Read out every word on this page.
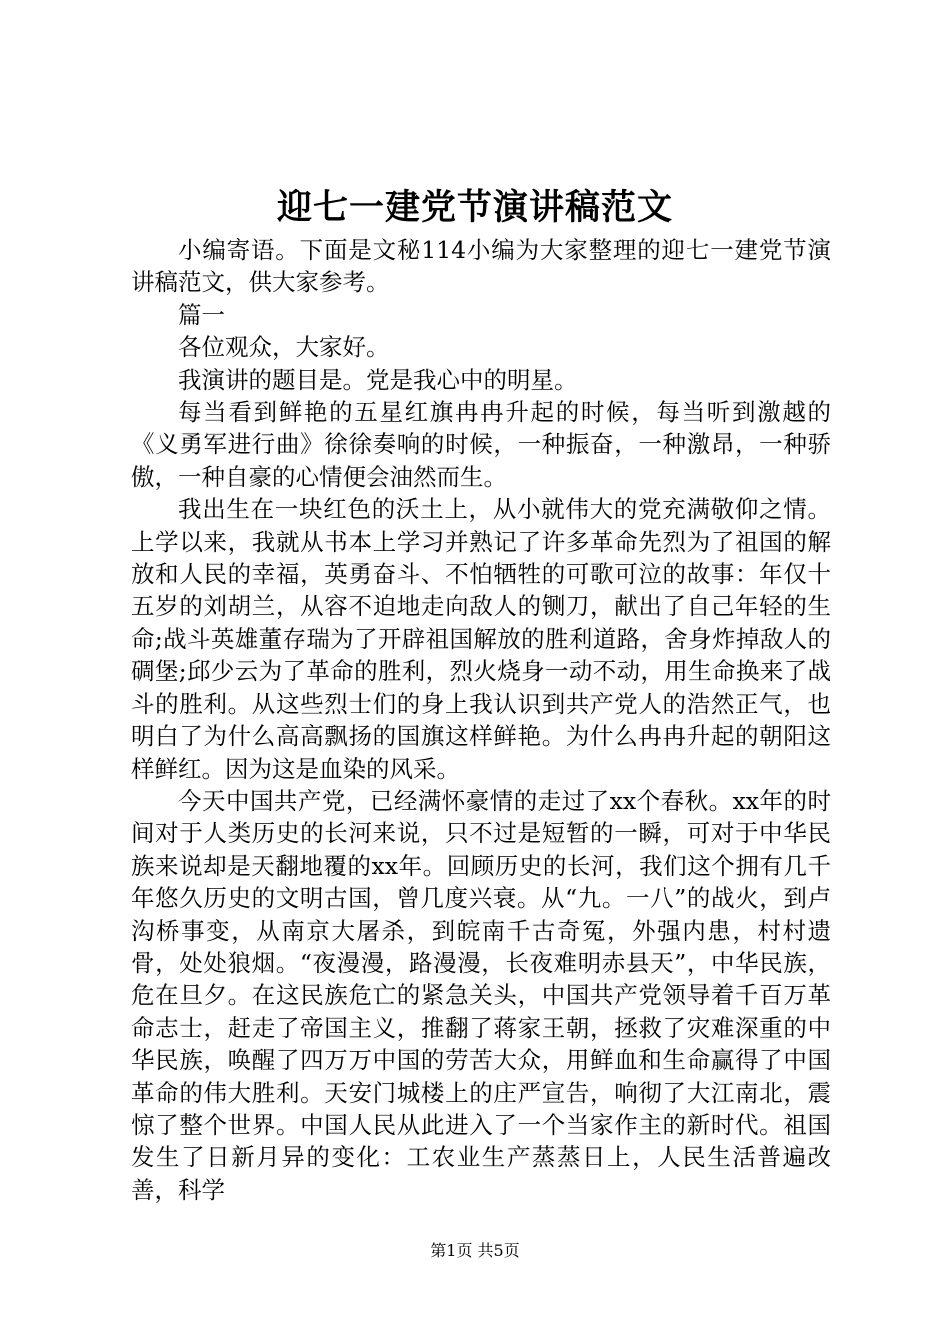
迎七一建党节演讲稿范文

小编寄语。下面是文秘114小编为大家整理的迎七一建党节演讲稿范文，供大家参考。

篇一

各位观众，大家好。

我演讲的题目是。党是我心中的明星。

每当看到鲜艳的五星红旗冉冉升起的时候，每当听到激越的《义勇军进行曲》徐徐奏响的时候，一种振奋，一种激昂，一种骄傲，一种自豪的心情便会油然而生。

我出生在一块红色的沃土上，从小就伟大的党充满敬仰之情。上学以来，我就从书本上学习并熟记了许多革命先烈为了祖国的解放和人民的幸福，英勇奋斗、不怕牺牲的可歌可泣的故事：年仅十五岁的刘胡兰，从容不迫地走向敌人的铡刀，献出了自己年轻的生命;战斗英雄董存瑞为了开辟祖国解放的胜利道路，舍身炸掉敌人的碉堡;邱少云为了革命的胜利，烈火烧身一动不动，用生命换来了战斗的胜利。从这些烈士们的身上我认识到共产党人的浩然正气，也明白了为什么高高飘扬的国旗这样鲜艳。为什么冉冉升起的朝阳这样鲜红。因为这是血染的风采。

今天中国共产党，已经满怀豪情的走过了xx个春秋。xx年的时间对于人类历史的长河来说，只不过是短暂的一瞬，可对于中华民族来说却是天翻地覆的xx年。回顾历史的长河，我们这个拥有几千年悠久历史的文明古国，曾几度兴衰。从“九。一八”的战火，到卢沟桥事变，从南京大屠杀，到皖南千古奇冤，外强内患，村村遗骨，处处狼烟。“夜漫漫，路漫漫，长夜难明赤县天”，中华民族，危在旦夕。在这民族危亡的紧急关头，中国共产党领导着千百万革命志士，赶走了帝国主义，推翻了蒋家王朝，拯救了灾难深重的中华民族，唤醒了四万万中国的劳苦大众，用鲜血和生命赢得了中国革命的伟大胜利。天安门城楼上的庄严宣告，响彻了大江南北，震惊了整个世界。中国人民从此进入了一个当家作主的新时代。祖国发生了日新月异的变化：工农业生产蒸蒸日上，人民生活普遍改善，科学

第1页 共5页
